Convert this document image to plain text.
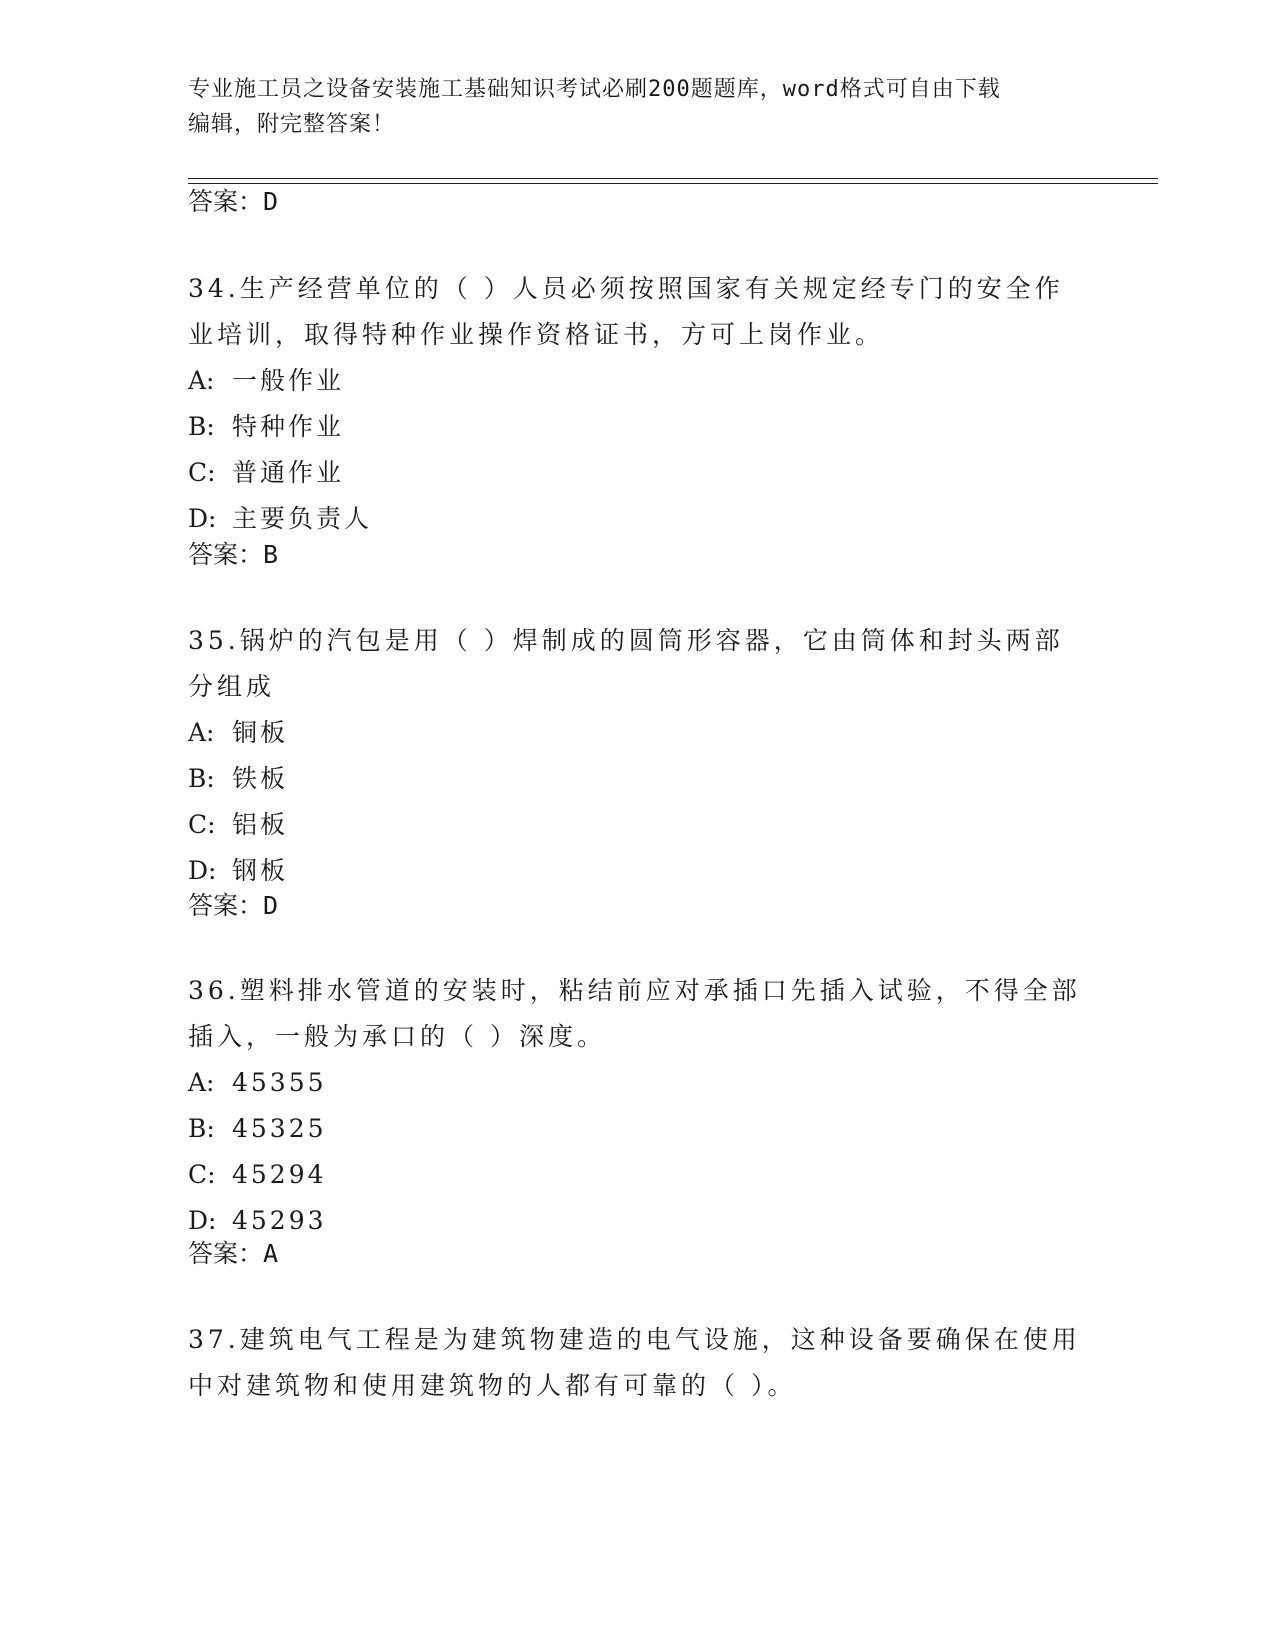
专业施工员之设备安装施工基础知识考试必刷200题题库，word格式可自由下载
编辑，附完整答案！
答案：D

34.生产经营单位的（ ）人员必须按照国家有关规定经专门的安全作

业培训，取得特种作业操作资格证书，方可上岗作业。

A: 一般作业

B: 特种作业

C: 普通作业

D: 主要负责人

答案：B

35.锅炉的汽包是用（ ）焊制成的圆筒形容器，它由筒体和封头两部

分组成

A: 铜板

B: 铁板

C: 铝板

D: 钢板

答案：D

36.塑料排水管道的安装时，粘结前应对承插口先插入试验，不得全部

插入，一般为承口的（ ）深度。

A: 45355

B: 45325

C: 45294

D: 45293

答案：A

37.建筑电气工程是为建筑物建造的电气设施，这种设备要确保在使用

中对建筑物和使用建筑物的人都有可靠的（ ）。
